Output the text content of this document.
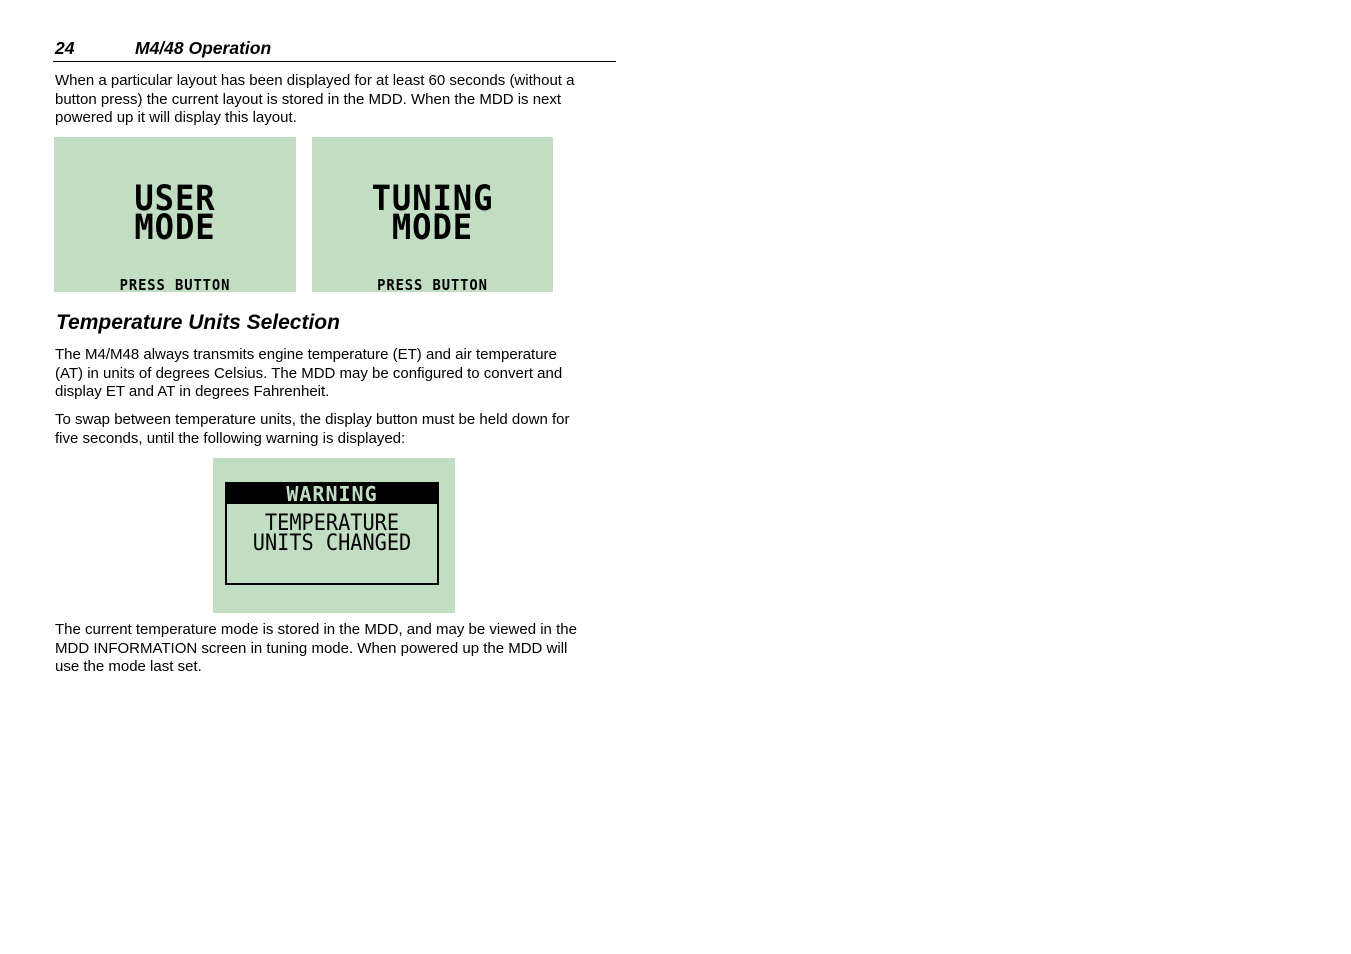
24	M4/48 Operation
When a particular layout has been displayed for at least 60 seconds (without a
button press) the current layout is stored in the MDD. When the MDD is next
powered up it will display this layout.
USER
MODE
PRESS BUTTON
TUNING
MODE
PRESS BUTTON
Temperature Units Selection
The M4/M48 always transmits engine temperature (ET) and air temperature
(AT) in units of degrees Celsius. The MDD may be configured to convert and
display ET and AT in degrees Fahrenheit.
To swap between temperature units, the display button must be held down for
five seconds, until the following warning is displayed:
WARNING
TEMPERATURE
UNITS CHANGED
The current temperature mode is stored in the MDD, and may be viewed in the
MDD INFORMATION screen in tuning mode. When powered up the MDD will
use the mode last set.
